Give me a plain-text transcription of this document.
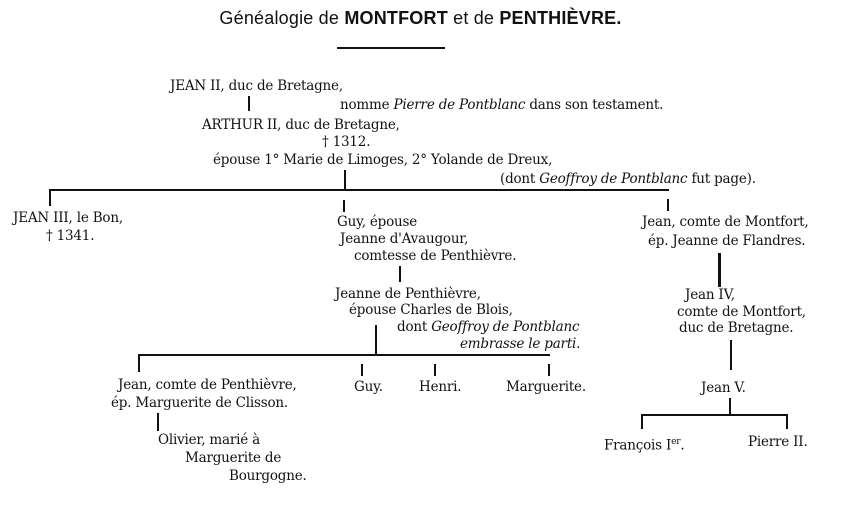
Généalogie de MONTFORT et de PENTHIÈVRE.
JEAN II, duc de Bretagne,
nomme Pierre de Pontblanc dans son testament.
ARTHUR II, duc de Bretagne,
† 1312.
épouse 1° Marie de Limoges, 2° Yolande de Dreux,
(dont Geoffroy de Pontblanc fut page).
JEAN III, le Bon,
† 1341.
Guy, épouse
Jeanne d'Avaugour,
comtesse de Penthièvre.
Jean, comte de Montfort,
ép. Jeanne de Flandres.
Jeanne de Penthièvre,
épouse Charles de Blois,
dont Geoffroy de Pontblanc
embrasse le parti.
Jean IV,
comte de Montfort,
duc de Bretagne.
Jean, comte de Penthièvre,
ép. Marguerite de Clisson.
Guy.	Henri.	Marguerite.	Jean V.
Olivier, marié à
Marguerite de
Bourgogne.
François Ier.	Pierre II.
